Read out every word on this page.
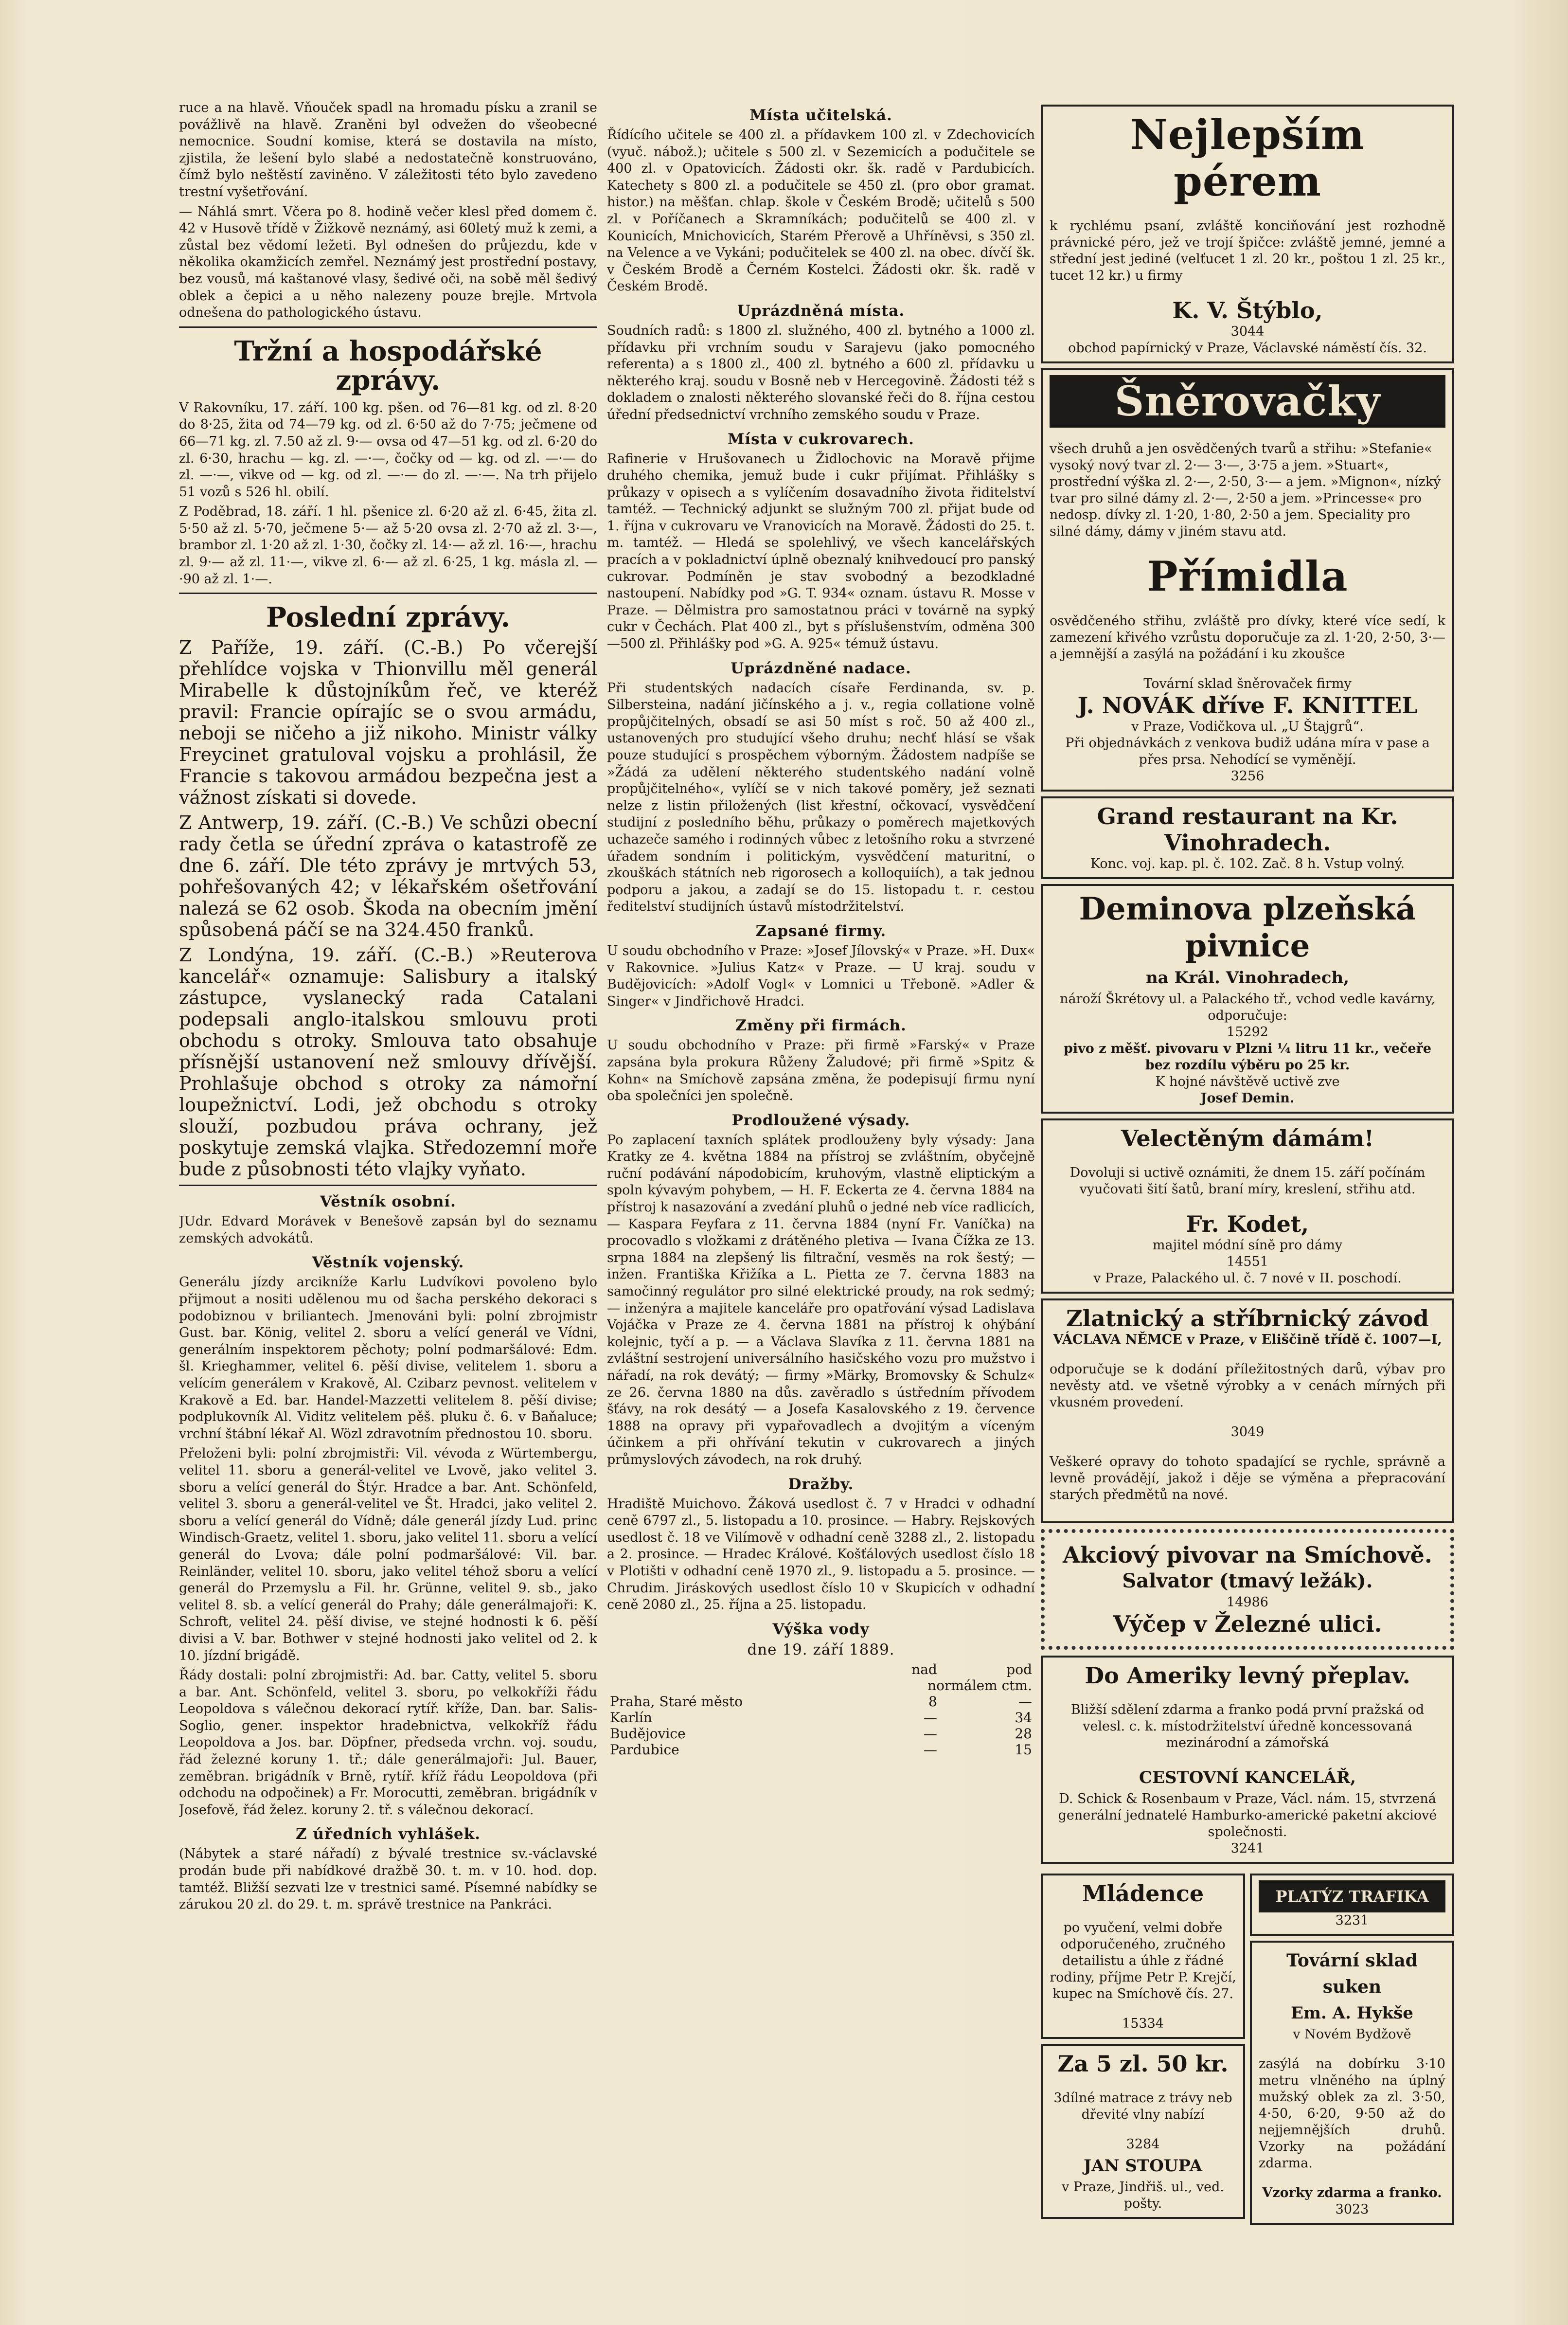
ruce a na hlavě. Vňouček spadl na hromadu písku a zranil se povážlivě na hlavě. Zraněni byl odvežen do všeobecné nemocnice. Soudní komise, která se dostavila na místo, zjistila, že lešení bylo slabé a nedostatečně konstruováno, čímž bylo neštěstí zaviněno. V záležitosti této bylo zavedeno trestní vyšetřování.

— Náhlá smrt. Včera po 8. hodině večer klesl před domem č. 42 v Husově třídě v Žižkově neznámý, asi 60letý muž k zemi, a zůstal bez vědomí ležeti. Byl odnešen do průjezdu, kde v několika okamžicích zemřel. Neznámý jest prostřední postavy, bez vousů, má kaštanové vlasy, šedivé oči, na sobě měl šedivý oblek a čepici a u něho nalezeny pouze brejle. Mrtvola odnešena do pathologického ústavu.

Tržní a hospodářské zprávy.

V Rakovníku, 17. září. 100 kg. pšen. od 76—81 kg. od zl. 8·20 do 8·25, žita od 74—79 kg. od zl. 6·50 až do 7·75; ječmene od 66—71 kg. zl. 7.50 až zl. 9·— ovsa od 47—51 kg. od zl. 6·20 do zl. 6·30, hrachu — kg. zl. —·—, čočky od — kg. od zl. —·— do zl. —·—, vikve od — kg. od zl. —·— do zl. —·—. Na trh přijelo 51 vozů s 526 hl. obilí.

Z Poděbrad, 18. září. 1 hl. pšenice zl. 6·20 až zl. 6·45, žita zl. 5·50 až zl. 5·70, ječmene 5·— až 5·20 ovsa zl. 2·70 až zl. 3·—, brambor zl. 1·20 až zl. 1·30, čočky zl. 14·— až zl. 16·—, hrachu zl. 9·— až zl. 11·—, vikve zl. 6·— až zl. 6·25, 1 kg. másla zl. —·90 až zl. 1·—.

Poslední zprávy.

Z Paříže, 19. září. (C.-B.) Po včerejší přehlídce vojska v Thionvillu měl generál Mirabelle k důstojníkům řeč, ve kteréž pravil: Francie opírajíc se o svou armádu, neboji se ničeho a již nikoho. Ministr války Freycinet gratuloval vojsku a prohlásil, že Francie s takovou armádou bezpečna jest a vážnost získati si dovede.

Z Antwerp, 19. září. (C.-B.) Ve schůzi obecní rady četla se úřední zpráva o katastrofě ze dne 6. září. Dle této zprávy je mrtvých 53, pohřešovaných 42; v lékařském ošetřování nalezá se 62 osob. Škoda na obecním jmění spůsobená páčí se na 324.450 franků.

Z Londýna, 19. září. (C.-B.) »Reuterova kancelář« oznamuje: Salisbury a italský zástupce, vyslanecký rada Catalani podepsali anglo-italskou smlouvu proti obchodu s otroky. Smlouva tato obsahuje přísnější ustanovení než smlouvy dřívější. Prohlašuje obchod s otroky za námořní loupežnictví. Lodi, jež obchodu s otroky slouží, pozbudou práva ochrany, jež poskytuje zemská vlajka. Středozemní moře bude z působnosti této vlajky vyňato.

Věstník osobní.

JUdr. Edvard Morávek v Benešově zapsán byl do seznamu zemských advokátů.

Věstník vojenský.

Generálu jízdy arcikníže Karlu Ludvíkovi povoleno bylo přijmout a nositi udělenou mu od šacha perského dekoraci s podobiznou v briliantech. Jmenováni byli: polní zbrojmistr Gust. bar. König, velitel 2. sboru a velící generál ve Vídni, generálním inspektorem pěchoty; polní podmaršálové: Edm. šl. Krieghammer, velitel 6. pěší divise, velitelem 1. sboru a velícím generálem v Krakově, Al. Czibarz pevnost. velitelem v Krakově a Ed. bar. Handel-Mazzetti velitelem 8. pěší divise; podplukovník Al. Viditz velitelem pěš. pluku č. 6. v Baňaluce; vrchní štábní lékař Al. Wözl zdravotním přednostou 10. sboru.

Přeloženi byli: polní zbrojmistři: Vil. vévoda z Würtembergu, velitel 11. sboru a generál-velitel ve Lvově, jako velitel 3. sboru a velící generál do Štýr. Hradce a bar. Ant. Schönfeld, velitel 3. sboru a generál-velitel ve Št. Hradci, jako velitel 2. sboru a velící generál do Vídně; dále generál jízdy Lud. princ Windisch-Graetz, velitel 1. sboru, jako velitel 11. sboru a velící generál do Lvova; dále polní podmaršálové: Vil. bar. Reinländer, velitel 10. sboru, jako velitel téhož sboru a velící generál do Przemyslu a Fil. hr. Grünne, velitel 9. sb., jako velitel 8. sb. a velící generál do Prahy; dále generálmajoři: K. Schroft, velitel 24. pěší divise, ve stejné hodnosti k 6. pěší divisi a V. bar. Bothwer v stejné hodnosti jako velitel od 2. k 10. jízdní brigádě.

Řády dostali: polní zbrojmistři: Ad. bar. Catty, velitel 5. sboru a bar. Ant. Schönfeld, velitel 3. sboru, po velkokříži řádu Leopoldova s válečnou dekorací rytíř. kříže, Dan. bar. Salis-Soglio, gener. inspektor hradebnictva, velkokříž řádu Leopoldova a Jos. bar. Döpfner, předseda vrchn. voj. soudu, řád železné koruny 1. tř.; dále generálmajoři: Jul. Bauer, zeměbran. brigádník v Brně, rytíř. kříž řádu Leopoldova (při odchodu na odpočinek) a Fr. Morocutti, zeměbran. brigádník v Josefově, řád želez. koruny 2. tř. s válečnou dekorací.

Z úředních vyhlášek.

(Nábytek a staré nářadí) z bývalé trestnice sv.-václavské prodán bude při nabídkové dražbě 30. t. m. v 10. hod. dop. tamtéž. Bližší sezvati lze v trestnici samé. Písemné nabídky se zárukou 20 zl. do 29. t. m. správě trestnice na Pankráci.

Místa učitelská.

Řídícího učitele se 400 zl. a přídavkem 100 zl. v Zdechovicích (vyuč. nábož.); učitele s 500 zl. v Sezemicích a podučitele se 400 zl. v Opatovicích. Žádosti okr. šk. radě v Pardubicích. Katechety s 800 zl. a podučitele se 450 zl. (pro obor gramat. histor.) na měšťan. chlap. škole v Českém Brodě; učitelů s 500 zl. v Poříčanech a Skramníkách; podučitelů se 400 zl. v Kounicích, Mnichovicích, Starém Přerově a Uhříněvsi, s 350 zl. na Velence a ve Vykáni; podučitelek se 400 zl. na obec. dívčí šk. v Českém Brodě a Černém Kostelci. Žádosti okr. šk. radě v Českém Brodě.

Uprázdněná místa.

Soudních radů: s 1800 zl. služného, 400 zl. bytného a 1000 zl. přídavku při vrchním soudu v Sarajevu (jako pomocného referenta) a s 1800 zl., 400 zl. bytného a 600 zl. přídavku u některého kraj. soudu v Bosně neb v Hercegovině. Žádosti též s dokladem o znalosti některého slovanské řeči do 8. října cestou úřední předsednictví vrchního zemského soudu v Praze.

Místa v cukrovarech.

Rafinerie v Hrušovanech u Židlochovic na Moravě přijme druhého chemika, jemuž bude i cukr přijímat. Přihlášky s průkazy v opisech a s vylíčením dosavadního života řiditelství tamtéž. — Technický adjunkt se služným 700 zl. přijat bude od 1. října v cukrovaru ve Vranovicích na Moravě. Žádosti do 25. t. m. tamtéž. — Hledá se spolehlivý, ve všech kancelářských pracích a v pokladnictví úplně obeznalý knihvedoucí pro panský cukrovar. Podmíněn je stav svobodný a bezodkladné nastoupení. Nabídky pod »G. T. 934« oznam. ústavu R. Mosse v Praze. — Dělmistra pro samostatnou práci v továrně na sypký cukr v Čechách. Plat 400 zl., byt s příslušenstvím, odměna 300—500 zl. Přihlášky pod »G. A. 925« témuž ústavu.

Uprázdněné nadace.

Při studentských nadacích císaře Ferdinanda, sv. p. Silbersteina, nadání jičínského a j. v., regia collatione volně propůjčitelných, obsadí se asi 50 míst s roč. 50 až 400 zl., ustanovených pro studující všeho druhu; nechť hlásí se však pouze studující s prospěchem výborným. Žádostem nadpíše se »Žádá za udělení některého studentského nadání volně propůjčitelného«, vylíčí se v nich takové poměry, jež seznati nelze z listin přiložených (list křestní, očkovací, vysvědčení studijní z posledního běhu, průkazy o poměrech majetkových uchazeče samého i rodinných vůbec z letošního roku a stvrzené úřadem sondním i politickým, vysvědčení maturitní, o zkouškách státních neb rigorosech a kolloquiích), a tak jednou podporu a jakou, a zadají se do 15. listopadu t. r. cestou ředitelství studijních ústavů místodržitelství.

Zapsané firmy.

U soudu obchodního v Praze: »Josef Jílovský« v Praze. »H. Dux« v Rakovnice. »Julius Katz« v Praze. — U kraj. soudu v Budějovicích: »Adolf Vogl« v Lomnici u Třeboně. »Adler & Singer« v Jindřichově Hradci.

Změny při firmách.

U soudu obchodního v Praze: při firmě »Farský« v Praze zapsána byla prokura Růženy Žaludové; při firmě »Spitz & Kohn« na Smíchově zapsána změna, že podepisují firmu nyní oba společníci jen společně.

Prodloužené výsady.

Po zaplacení taxních splátek prodlouženy byly výsady: Jana Kratky ze 4. května 1884 na přístroj se zvláštním, obyčejně ruční podávání nápodobicím, kruhovým, vlastně eliptickým a spoln kývavým pohybem, — H. F. Eckerta ze 4. června 1884 na přístroj k nasazování a zvedání pluhů o jedné neb více radlicích, — Kaspara Feyfara z 11. června 1884 (nyní Fr. Vaníčka) na procovadlo s vložkami z drátěného pletiva — Ivana Čížka ze 13. srpna 1884 na zlepšený lis filtrační, vesměs na rok šestý; — inžen. Františka Křižíka a L. Pietta ze 7. června 1883 na samočinný regulátor pro silné elektrické proudy, na rok sedmý; — inženýra a majitele kanceláře pro opatřování výsad Ladislava Vojáčka v Praze ze 4. června 1881 na přístroj k ohýbání kolejnic, tyčí a p. — a Václava Slavíka z 11. června 1881 na zvláštní sestrojení universálního hasičského vozu pro mužstvo i nářadí, na rok devátý; — firmy »Märky, Bromovsky & Schulz« ze 26. června 1880 na důs. zavěradlo s ústředním přívodem šťávy, na rok desátý — a Josefa Kasalovského z 19. července 1888 na opravy při vypařovadlech a dvojitým a víceným účinkem a při ohřívání tekutin v cukrovarech a jiných průmyslových závodech, na rok druhý.

Dražby.

Hradiště Muichovo. Žáková usedlost č. 7 v Hradci v odhadní ceně 6797 zl., 5. listopadu a 10. prosince. — Habry. Rejskových usedlost č. 18 ve Vilímově v odhadní ceně 3288 zl., 2. listopadu a 2. prosince. — Hradec Králové. Košťálových usedlost číslo 18 v Plotišti v odhadní ceně 1970 zl., 9. listopadu a 5. prosince. — Chrudim. Jiráskových usedlost číslo 10 v Skupicích v odhadní ceně 2080 zl., 25. října a 25. listopadu.

Výška vody
dne 19. září 1889.
	nad	pod
	normálem ctm.	
Praha, Staré město	8	—
Karlín	—	34
Budějovice	—	28
Pardubice	—	15
Nejlepším pérem

k rychlému psaní, zvláště konciňování jest rozhodně právnické péro, jež ve trojí špičce: zvláště jemné, jemné a střední jest jediné (velťucet 1 zl. 20 kr., poštou 1 zl. 25 kr., tucet 12 kr.) u firmy

K. V. Štýblo,
3044
obchod papírnický v Praze, Václavské náměstí čís. 32.
Šněrovačky

všech druhů a jen osvědčených tvarů a střihu: »Stefanie« vysoký nový tvar zl. 2·— 3·—, 3·75 a jem. »Stuart«, prostřední výška zl. 2·—, 2·50, 3·— a jem. »Mignon«, nízký tvar pro silné dámy zl. 2·—, 2·50 a jem. »Princesse« pro nedosp. dívky zl. 1·20, 1·80, 2·50 a jem. Speciality pro silné dámy, dámy v jiném stavu atd.

Přímidla

osvědčeného střihu, zvláště pro dívky, které více sedí, k zamezení křivého vzrůstu doporučuje za zl. 1·20, 2·50, 3·— a jemnější a zasýlá na požádání i ku zkoušce

Tovární sklad šněrovaček firmy
J. NOVÁK dříve F. KNITTEL
v Praze, Vodičkova ul. „U Štajgrů“.
Při objednávkách z venkova budiž udána míra v pase a přes prsa. Nehodící se vyměnějí.
3256
Grand restaurant na Kr. Vinohradech.
Konc. voj. kap. pl. č. 102. Zač. 8 h. Vstup volný.
Deminova plzeňská pivnice
na Král. Vinohradech,
nároží Škrétovy ul. a Palackého tř., vchod vedle kavárny, odporučuje:
15292
pivo z měšť. pivovaru v Plzni ¼ litru 11 kr., večeře bez rozdílu výběru po 25 kr.
K hojné návštěvě uctivě zve
Josef Demin.
Velectěným dámám!

Dovoluji si uctivě oznámiti, že dnem 15. září počínám vyučovati šití šatů, braní míry, kreslení, střihu atd.

Fr. Kodet,
majitel módní síně pro dámy
14551
v Praze, Palackého ul. č. 7 nové v II. poschodí.
Zlatnický a stříbrnický závod
VÁCLAVA NĚMCE v Praze, v Eliščině třídě č. 1007—I,

odporučuje se k dodání příležitostných darů, výbav pro nevěsty atd. ve všetně výrobky a v cenách mírných při vkusném provedení.

3049

Veškeré opravy do tohoto spadající se rychle, správně a levně provádějí, jakož i děje se výměna a přepracování starých předmětů na nové.

Akciový pivovar na Smíchově.
Salvator (tmavý ležák).
14986
Výčep v Železné ulici.
Do Ameriky levný přeplav.

Bližší sdělení zdarma a franko podá první pražská od velesl. c. k. místodržitelství úředně koncessovaná mezinárodní a zámořská

CESTOVNÍ KANCELÁŘ,
D. Schick & Rosenbaum v Praze, Václ. nám. 15, stvrzená generální jednatelé Hamburko-americké paketní akciové společnosti.
3241
Mládence

po vyučení, velmi dobře odporučeného, zručného detailistu a úhle z řádné rodiny, příjme Petr P. Krejčí, kupec na Smíchově čís. 27.

15334
Za 5 zl. 50 kr.

3dílné matrace z trávy neb dřevité vlny nabízí

3284
JAN STOUPA
v Praze, Jindřiš. ul., ved. pošty.
PLATÝZ TRAFIKA
3231
Tovární sklad suken
Em. A. Hykše
v Novém Bydžově

zasýlá na dobírku 3·10 metru vlněného na úplný mužský oblek za zl. 3·50, 4·50, 6·20, 9·50 až do nejjemnějších druhů. Vzorky na požádání zdarma.

Vzorky zdarma a franko.
3023
